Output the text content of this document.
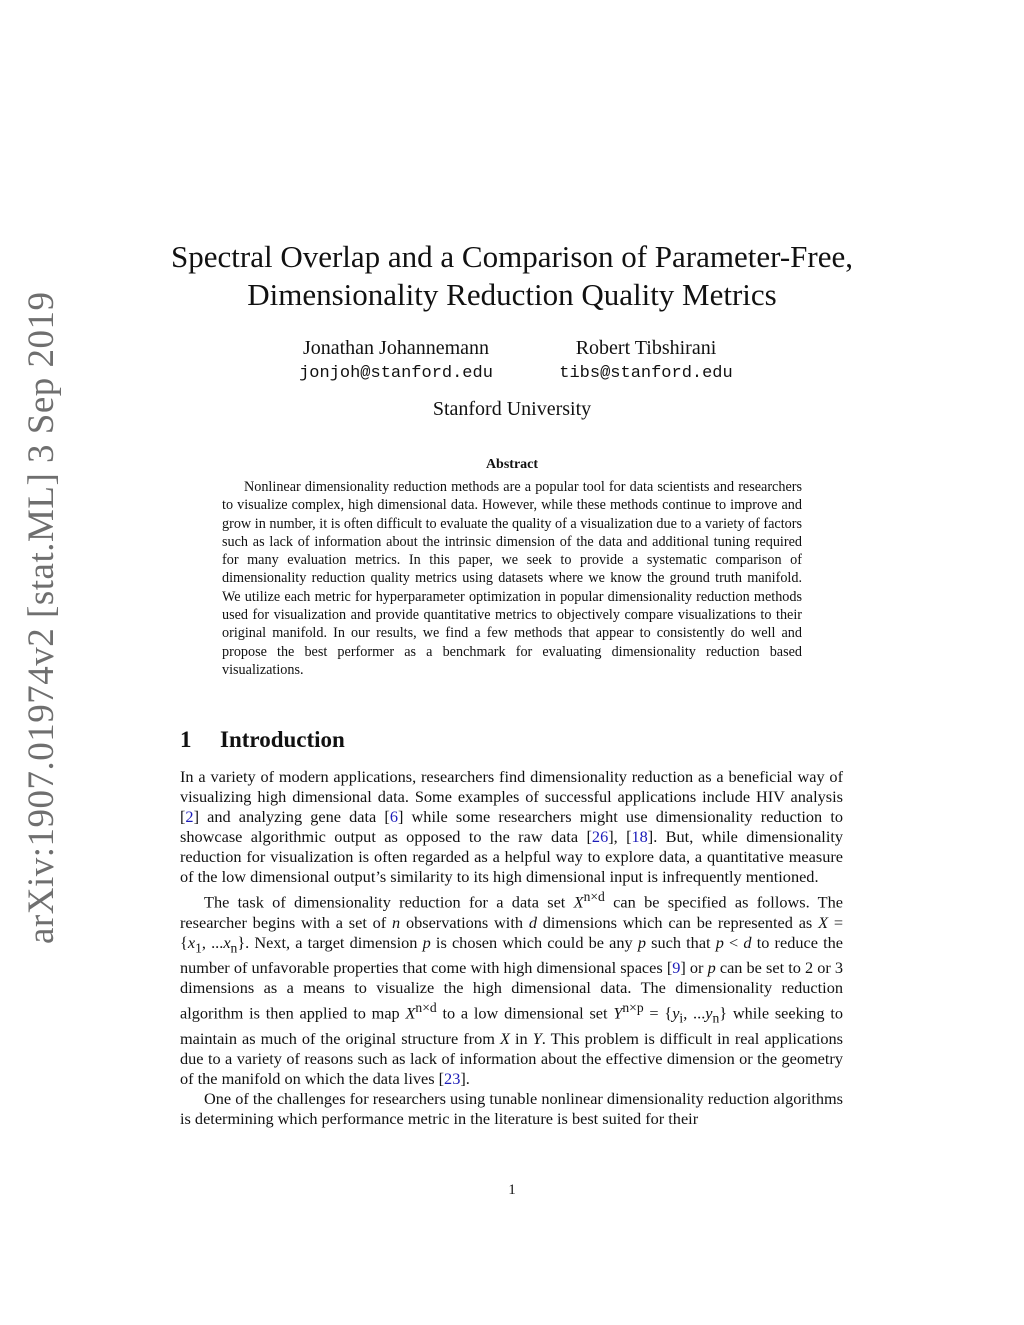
arXiv:1907.01974v2 [stat.ML] 3 Sep 2019
Spectral Overlap and a Comparison of Parameter-Free,
Dimensionality Reduction Quality Metrics
Jonathan Johannemann
jonjoh@stanford.edu
Robert Tibshirani
tibs@stanford.edu
Stanford University
Abstract

Nonlinear dimensionality reduction methods are a popular tool for data scientists and researchers to visualize complex, high dimensional data. However, while these methods continue to improve and grow in number, it is often difficult to evaluate the quality of a visualization due to a variety of factors such as lack of information about the intrinsic dimension of the data and additional tuning required for many evaluation metrics. In this paper, we seek to provide a systematic comparison of dimensionality reduction quality metrics using datasets where we know the ground truth manifold. We utilize each metric for hyperparameter optimization in popular dimensionality reduction methods used for visualization and provide quantitative metrics to objectively compare visualizations to their original manifold. In our results, we find a few methods that appear to consistently do well and propose the best performer as a benchmark for evaluating dimensionality reduction based visualizations.

1 Introduction

In a variety of modern applications, researchers find dimensionality reduction as a beneficial way of visualizing high dimensional data. Some examples of successful applications include HIV analysis [2] and analyzing gene data [6] while some researchers might use dimensionality reduction to showcase algorithmic output as opposed to the raw data [26], [18]. But, while dimensionality reduction for visualization is often regarded as a helpful way to explore data, a quantitative measure of the low dimensional output’s similarity to its high dimensional input is infrequently mentioned.

The task of dimensionality reduction for a data set $X^{n\times d}$ can be specified as follows. The researcher begins with a set of n observations with d dimensions which can be represented as $X = \{x_1$, $...x_n$}. Next, a target dimension p is chosen which could be any p such that p < d to reduce the number of unfavorable properties that come with high dimensional spaces [9] or p can be set to 2 or 3 dimensions as a means to visualize the high dimensional data. The dimensionality reduction algorithm is then applied to map $X^{n\times d}$ to a low dimensional set $Y^{n\times p} = \{y_i$, $...y_n$} while seeking to maintain as much of the original structure from X in Y. This problem is difficult in real applications due to a variety of reasons such as lack of information about the effective dimension or the geometry of the manifold on which the data lives [23].

One of the challenges for researchers using tunable nonlinear dimensionality reduction algorithms is determining which performance metric in the literature is best suited for their

1
